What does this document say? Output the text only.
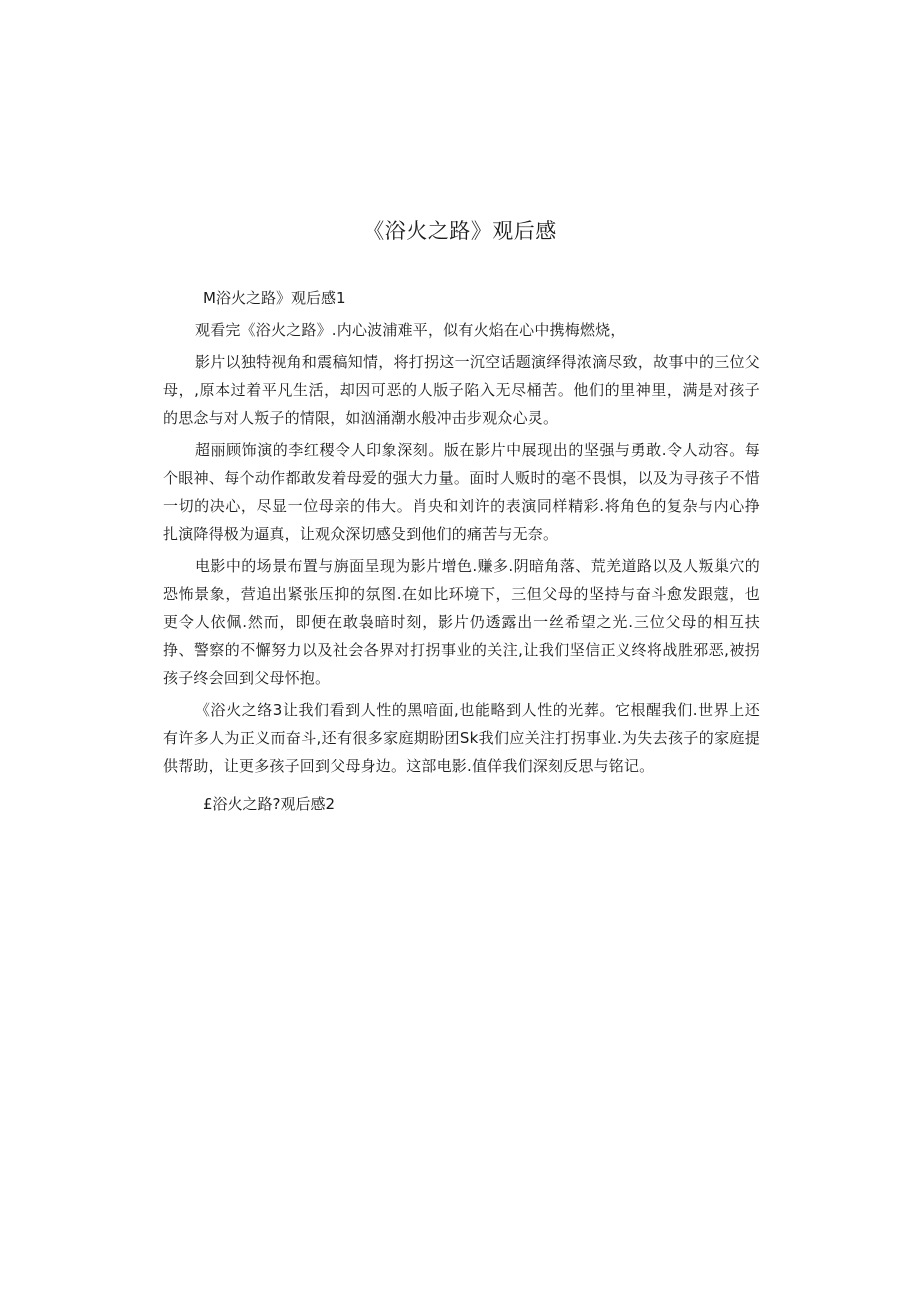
《浴火之路》观后感

M浴火之路》观后感1

观看完《浴火之路》.内心波浦难平，似有火焰在心中携梅燃烧，

影片以独特视角和震稿知情，将打拐这一沉空话题演绎得浓滴尽致，故事中的三位父母，,原本过着平凡生活，却因可恶的人版子陷入无尽桶苦。他们的里神里，满是对孩子的思念与对人叛子的情限，如汹涌潮水般冲击步观众心灵。

超丽顾饰演的李红稷令人印象深刻。版在影片中展现出的坚强与勇敢.令人动容。每个眼神、每个动作都敢发着母爱的强大力量。面时人贩时的毫不畏惧，以及为寻孩子不惜一切的决心，尽显一位母亲的伟大。肖央和刘许的表演同样精彩.将角色的复杂与内心挣扎演降得极为逼真，让观众深切感殳到他们的痛苦与无奈。

电影中的场景布置与旃面呈现为影片增色.赚多.阴暗角落、荒羌道路以及人叛巢穴的恐怖景象，营追出紧张压抑的氛图.在如比环境下，三但父母的坚持与奋斗愈发跟蔻，也更令人依佩.然而，即便在敢袅暗时刻，影片仍透露出一丝希望之光.三位父母的相互扶挣、警察的不懈努力以及社会各界对打拐事业的关注,让我们坚信正义终将战胜邪恶,被拐孩子终会回到父母怀抱。

《浴火之络3让我们看到人性的黑喑面,也能略到人性的光葬。它根醒我们.世界上还有许多人为正义而奋斗,还有很多家庭期盼团Sk我们应关注打拐事业.为失去孩子的家庭提供帮助，让更多孩子回到父母身边。这部电影.值佯我们深刻反思与铭记。

£浴火之路?观后感2
